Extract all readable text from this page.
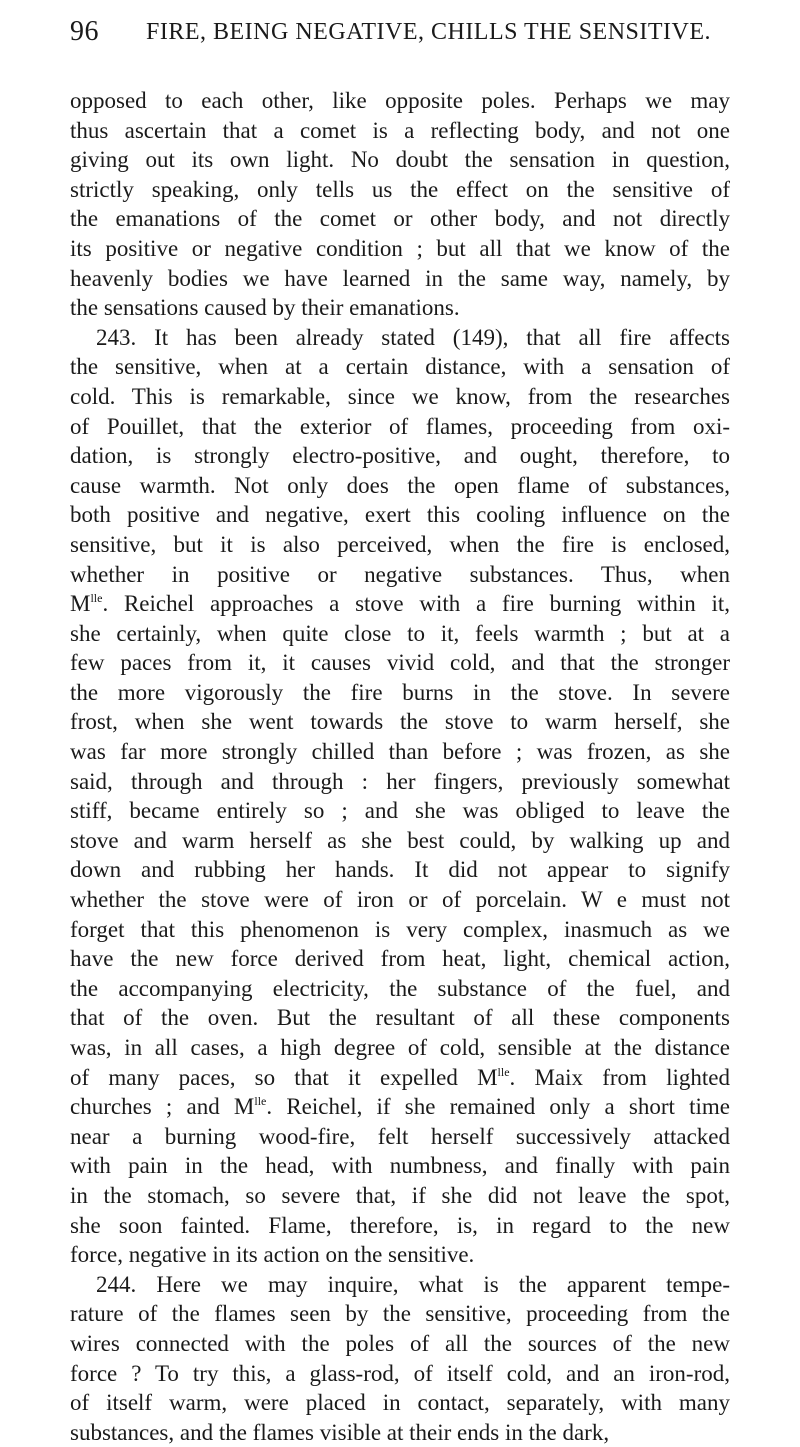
96 FIRE, BEING NEGATIVE, CHILLS THE SENSITIVE.
opposed to each other, like opposite poles. Perhaps we may
thus ascertain that a comet is a reflecting body, and not one
giving out its own light. No doubt the sensation in question,
strictly speaking, only tells us the effect on the sensitive of
the emanations of the comet or other body, and not directly
its positive or negative condition ; but all that we know of the
heavenly bodies we have learned in the same way, namely, by
the sensations caused by their emanations.
243. It has been already stated (149), that all fire affects
the sensitive, when at a certain distance, with a sensation of
cold. This is remarkable, since we know, from the researches
of Pouillet, that the exterior of flames, proceeding from oxi-
dation, is strongly electro-positive, and ought, therefore, to
cause warmth. Not only does the open flame of substances,
both positive and negative, exert this cooling influence on the
sensitive, but it is also perceived, when the fire is enclosed,
whether in positive or negative substances. Thus, when
$M^{lle}$. Reichel approaches a stove with a fire burning within it,
she certainly, when quite close to it, feels warmth ; but at a
few paces from it, it causes vivid cold, and that the stronger
the more vigorously the fire burns in the stove. In severe
frost, when she went towards the stove to warm herself, she
was far more strongly chilled than before ; was frozen, as she
said, through and through : her fingers, previously somewhat
stiff, became entirely so ; and she was obliged to leave the
stove and warm herself as she best could, by walking up and
down and rubbing her hands. It did not appear to signify
whether the stove were of iron or of porcelain. W e must not
forget that this phenomenon is very complex, inasmuch as we
have the new force derived from heat, light, chemical action,
the accompanying electricity, the substance of the fuel, and
that of the oven. But the resultant of all these components
was, in all cases, a high degree of cold, sensible at the distance
of many paces, so that it expelled $M^{lle}$. Maix from lighted
churches ; and $M^{lle}$. Reichel, if she remained only a short time
near a burning wood-fire, felt herself successively attacked
with pain in the head, with numbness, and finally with pain
in the stomach, so severe that, if she did not leave the spot,
she soon fainted. Flame, therefore, is, in regard to the new
force, negative in its action on the sensitive.
244. Here we may inquire, what is the apparent tempe-
rature of the flames seen by the sensitive, proceeding from the
wires connected with the poles of all the sources of the new
force ? To try this, a glass-rod, of itself cold, and an iron-rod,
of itself warm, were placed in contact, separately, with many
substances, and the flames visible at their ends in the dark,
